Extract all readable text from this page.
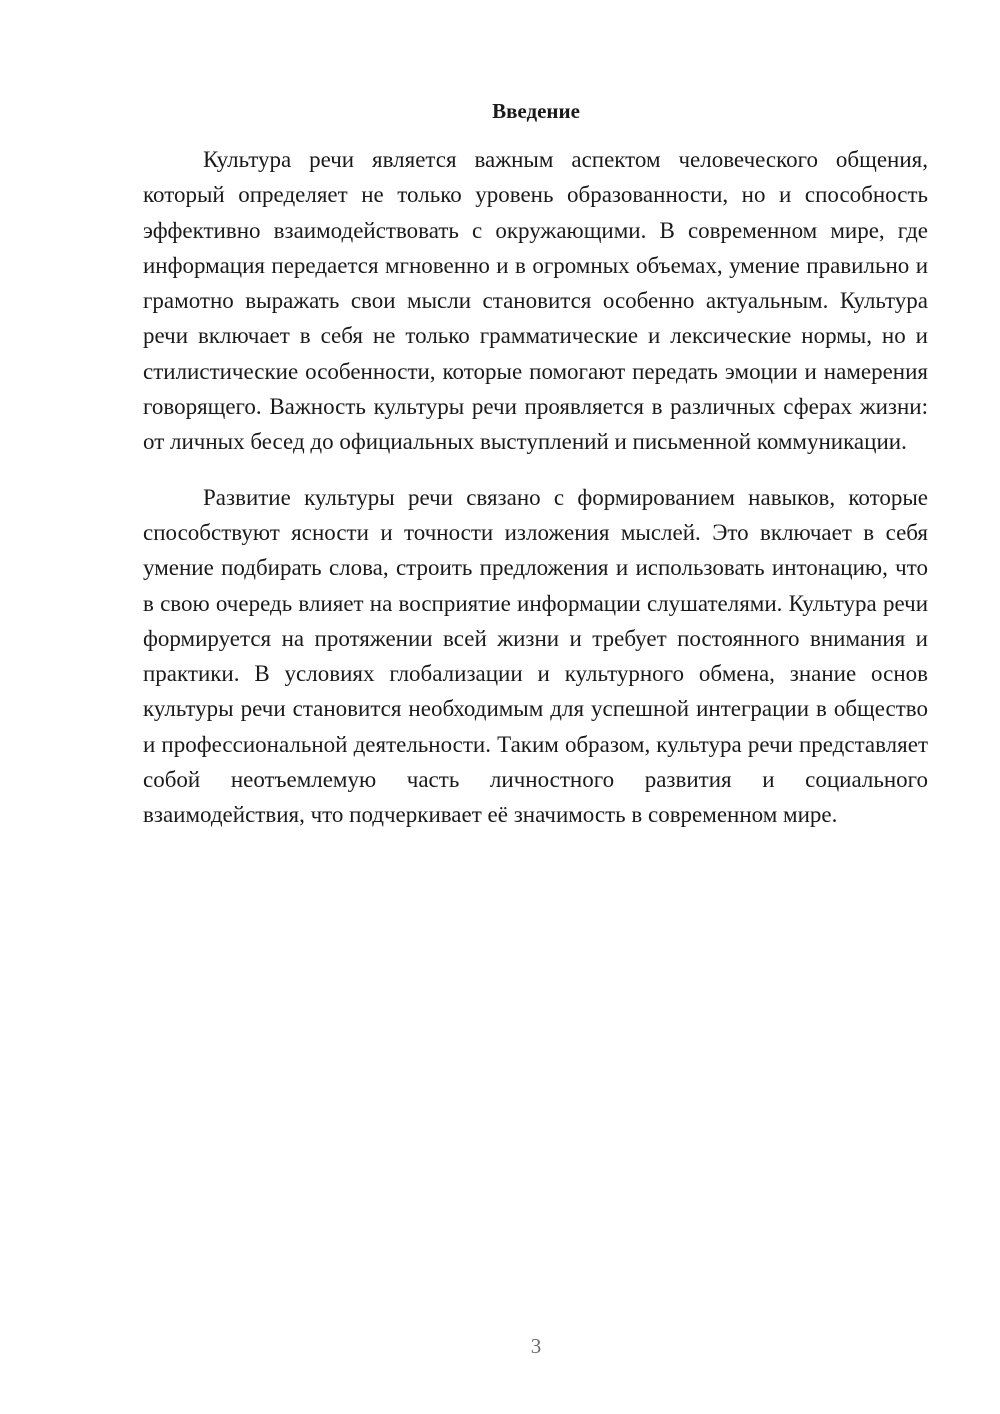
Введение

Культура речи является важным аспектом человеческого общения, который определяет не только уровень образованности, но и способность эффективно взаимодействовать с окружающими. В современном мире, где информация передается мгновенно и в огромных объемах, умение правильно и грамотно выражать свои мысли становится особенно актуальным. Культура речи включает в себя не только грамматические и лексические нормы, но и стилистические особенности, которые помогают передать эмоции и намерения говорящего. Важность культуры речи проявляется в различных сферах жизни: от личных бесед до официальных выступлений и письменной коммуникации.

Развитие культуры речи связано с формированием навыков, которые способствуют ясности и точности изложения мыслей. Это включает в себя умение подбирать слова, строить предложения и использовать интонацию, что в свою очередь влияет на восприятие информации слушателями. Культура речи формируется на протяжении всей жизни и требует постоянного внимания и практики. В условиях глобализации и культурного обмена, знание основ культуры речи становится необходимым для успешной интеграции в общество и профессиональной деятельности. Таким образом, культура речи представляет собой неотъемлемую часть личностного развития и социального взаимодействия, что подчеркивает её значимость в современном мире.

3
